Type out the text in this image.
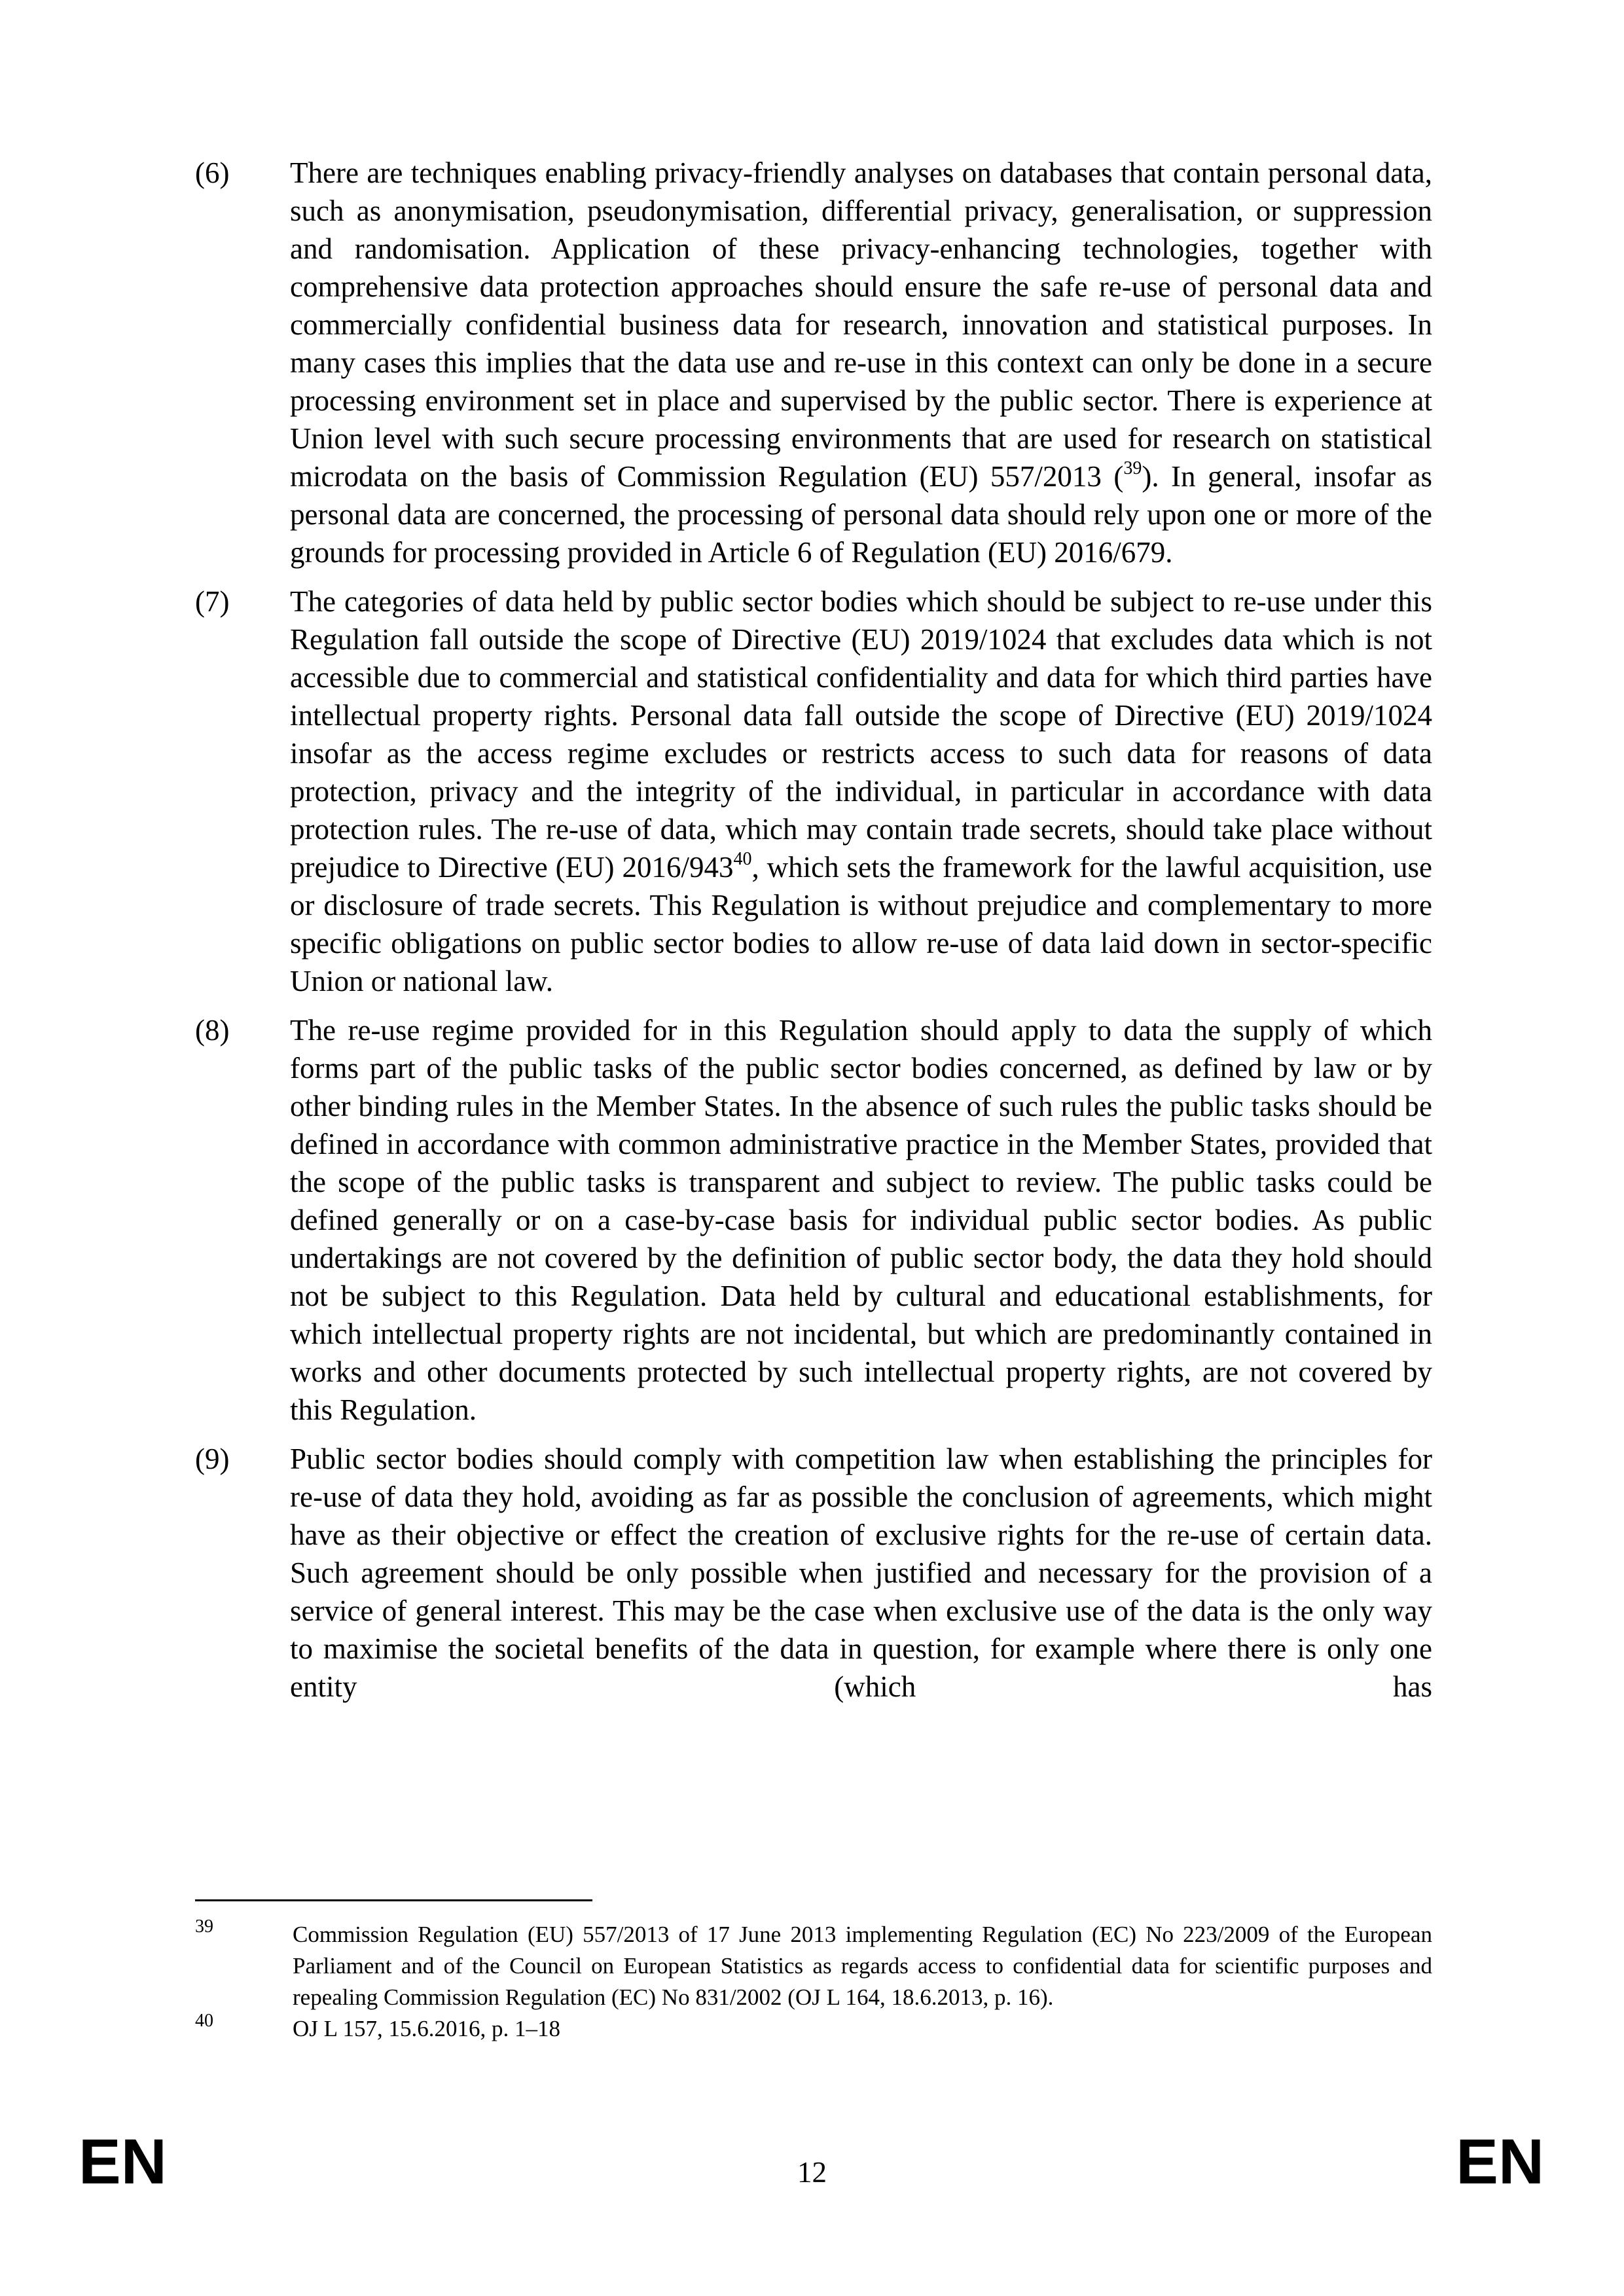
(6)	There are techniques enabling privacy-friendly analyses on databases that contain personal data, such as anonymisation, pseudonymisation, differential privacy, generalisation, or suppression and randomisation. Application of these privacy-enhancing technologies, together with comprehensive data protection approaches should ensure the safe re-use of personal data and commercially confidential business data for research, innovation and statistical purposes. In many cases this implies that the data use and re-use in this context can only be done in a secure processing environment set in place and supervised by the public sector. There is experience at Union level with such secure processing environments that are used for research on statistical microdata on the basis of Commission Regulation (EU) 557/2013 ($^{39}$). In general, insofar as personal data are concerned, the processing of personal data should rely upon one or more of the grounds for processing provided in Article 6 of Regulation (EU) 2016/679.
(7)	The categories of data held by public sector bodies which should be subject to re-use under this Regulation fall outside the scope of Directive (EU) 2019/1024 that excludes data which is not accessible due to commercial and statistical confidentiality and data for which third parties have intellectual property rights. Personal data fall outside the scope of Directive (EU) 2019/1024 insofar as the access regime excludes or restricts access to such data for reasons of data protection, privacy and the integrity of the individual, in particular in accordance with data protection rules. The re-use of data, which may contain trade secrets, should take place without prejudice to Directive (EU) 2016/943$^{40}$, which sets the framework for the lawful acquisition, use or disclosure of trade secrets. This Regulation is without prejudice and complementary to more specific obligations on public sector bodies to allow re-use of data laid down in sector-specific Union or national law.
(8)	The re-use regime provided for in this Regulation should apply to data the supply of which forms part of the public tasks of the public sector bodies concerned, as defined by law or by other binding rules in the Member States. In the absence of such rules the public tasks should be defined in accordance with common administrative practice in the Member States, provided that the scope of the public tasks is transparent and subject to review. The public tasks could be defined generally or on a case-by-case basis for individual public sector bodies. As public undertakings are not covered by the definition of public sector body, the data they hold should not be subject to this Regulation. Data held by cultural and educational establishments, for which intellectual property rights are not incidental, but which are predominantly contained in works and other documents protected by such intellectual property rights, are not covered by this Regulation.
(9)	Public sector bodies should comply with competition law when establishing the principles for re-use of data they hold, avoiding as far as possible the conclusion of agreements, which might have as their objective or effect the creation of exclusive rights for the re-use of certain data. Such agreement should be only possible when justified and necessary for the provision of a service of general interest. This may be the case when exclusive use of the data is the only way to maximise the societal benefits of the data in question, for example where there is only one entity (which has
39	Commission Regulation (EU) 557/2013 of 17 June 2013 implementing Regulation (EC) No 223/2009 of the European Parliament and of the Council on European Statistics as regards access to confidential data for scientific purposes and repealing Commission Regulation (EC) No 831/2002 (OJ L 164, 18.6.2013, p. 16).
40	OJ L 157, 15.6.2016, p. 1–18
EN	12	EN
